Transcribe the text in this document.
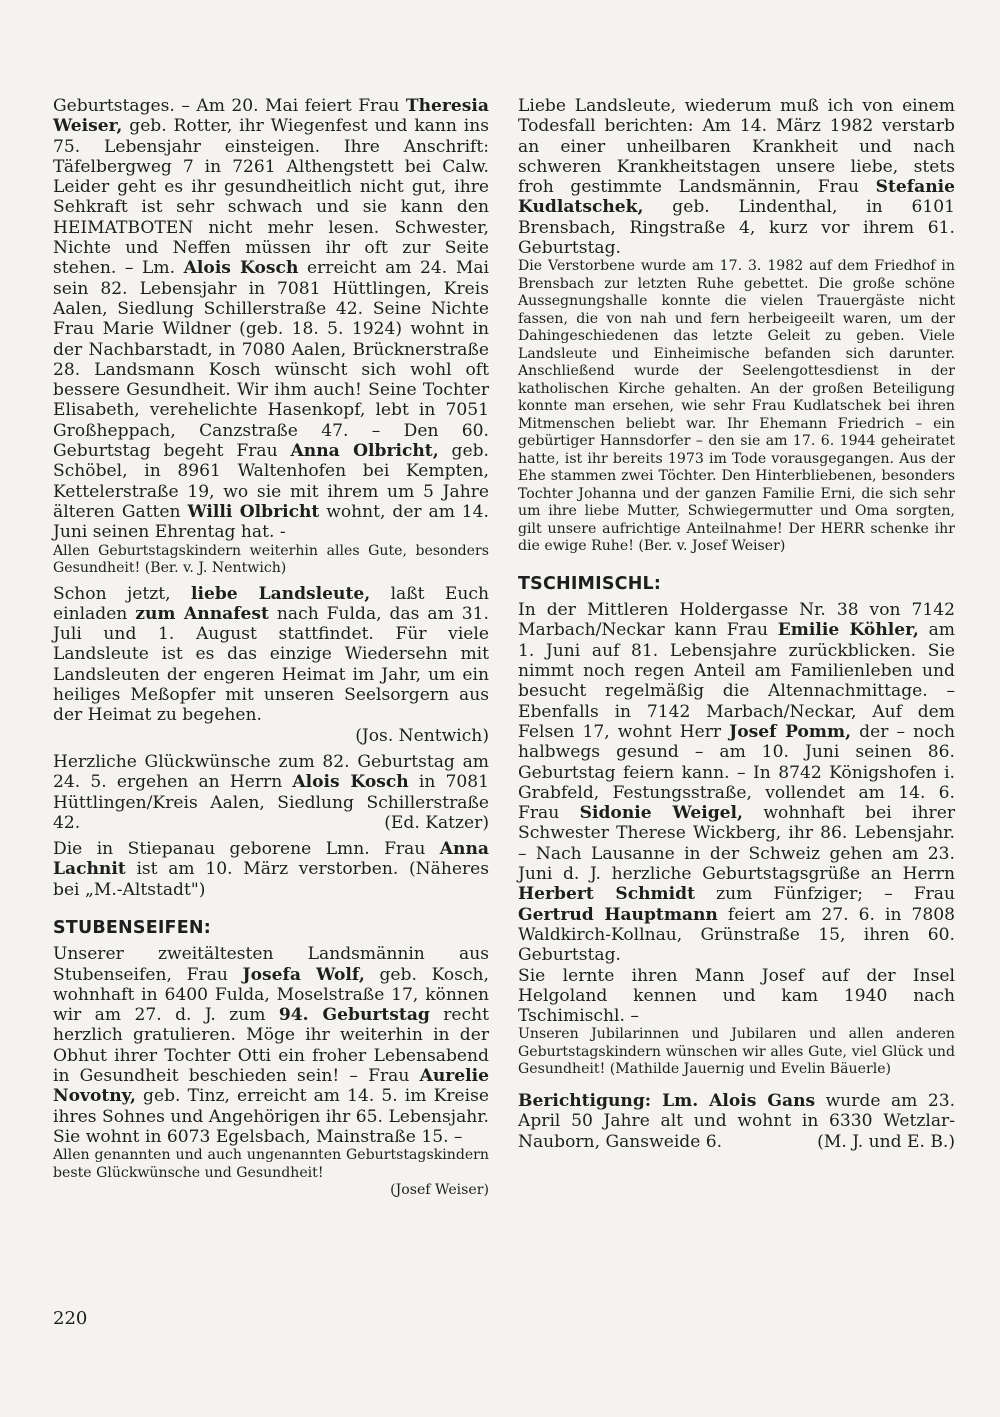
Geburtstages. – Am 20. Mai feiert Frau Theresia Weiser, geb. Rotter, ihr Wiegenfest und kann ins 75. Lebensjahr einsteigen. Ihre Anschrift: Täfelbergweg 7 in 7261 Althengstett bei Calw. Leider geht es ihr gesundheitlich nicht gut, ihre Sehkraft ist sehr schwach und sie kann den HEIMATBOTEN nicht mehr lesen. Schwester, Nichte und Neffen müssen ihr oft zur Seite stehen. – Lm. Alois Kosch erreicht am 24. Mai sein 82. Lebensjahr in 7081 Hüttlingen, Kreis Aalen, Siedlung Schillerstraße 42. Seine Nichte Frau Marie Wildner (geb. 18. 5. 1924) wohnt in der Nachbarstadt, in 7080 Aalen, Brücknerstraße 28. Landsmann Kosch wünscht sich wohl oft bessere Gesundheit. Wir ihm auch! Seine Tochter Elisabeth, verehelichte Hasenkopf, lebt in 7051 Großheppach, Canzstraße 47. – Den 60. Geburtstag begeht Frau Anna Olbricht, geb. Schöbel, in 8961 Waltenhofen bei Kempten, Kettelerstraße 19, wo sie mit ihrem um 5 Jahre älteren Gatten Willi Olbricht wohnt, der am 14. Juni seinen Ehrentag hat. -

Allen Geburtstagskindern weiterhin alles Gute, besonders Gesundheit! (Ber. v. J. Nentwich)

Schon jetzt, liebe Landsleute, laßt Euch einladen zum Annafest nach Fulda, das am 31. Juli und 1. August stattfindet. Für viele Landsleute ist es das einzige Wiedersehn mit Landsleuten der engeren Heimat im Jahr, um ein heiliges Meßopfer mit unseren Seelsorgern aus der Heimat zu begehen.
(Jos. Nentwich)

Herzliche Glückwünsche zum 82. Geburtstag am 24. 5. ergehen an Herrn Alois Kosch in 7081 Hüttlingen/Kreis Aalen, Siedlung Schillerstraße 42.	(Ed. Katzer)

Die in Stiepanau geborene Lmn. Frau Anna Lachnit ist am 10. März verstorben. (Näheres bei „M.-Altstadt")

STUBENSEIFEN:

Unserer zweitältesten Landsmännin aus Stubenseifen, Frau Josefa Wolf, geb. Kosch, wohnhaft in 6400 Fulda, Moselstraße 17, können wir am 27. d. J. zum 94. Geburtstag recht herzlich gratulieren. Möge ihr weiterhin in der Obhut ihrer Tochter Otti ein froher Lebensabend in Gesundheit beschieden sein! – Frau Aurelie Novotny, geb. Tinz, erreicht am 14. 5. im Kreise ihres Sohnes und Angehörigen ihr 65. Lebensjahr. Sie wohnt in 6073 Egelsbach, Mainstraße 15. –

Allen genannten und auch ungenannten Geburtstagskindern beste Glückwünsche und Gesundheit!
(Josef Weiser)

Liebe Landsleute, wiederum muß ich von einem Todesfall berichten: Am 14. März 1982 verstarb an einer unheilbaren Krankheit und nach schweren Krankheitstagen unsere liebe, stets froh gestimmte Landsmännin, Frau Stefanie Kudlatschek, geb. Lindenthal, in 6101 Brensbach, Ringstraße 4, kurz vor ihrem 61. Geburtstag.

Die Verstorbene wurde am 17. 3. 1982 auf dem Friedhof in Brensbach zur letzten Ruhe gebettet. Die große schöne Aussegnungshalle konnte die vielen Trauergäste nicht fassen, die von nah und fern herbeigeeilt waren, um der Dahingeschiedenen das letzte Geleit zu geben. Viele Landsleute und Einheimische befanden sich darunter. Anschließend wurde der Seelengottesdienst in der katholischen Kirche gehalten. An der großen Beteiligung konnte man ersehen, wie sehr Frau Kudlatschek bei ihren Mitmenschen beliebt war. Ihr Ehemann Friedrich – ein gebürtiger Hannsdorfer – den sie am 17. 6. 1944 geheiratet hatte, ist ihr bereits 1973 im Tode vorausgegangen. Aus der Ehe stammen zwei Töchter. Den Hinterbliebenen, besonders Tochter Johanna und der ganzen Familie Erni, die sich sehr um ihre liebe Mutter, Schwiegermutter und Oma sorgten, gilt unsere aufrichtige Anteilnahme! Der HERR schenke ihr die ewige Ruhe! (Ber. v. Josef Weiser)

TSCHIMISCHL:

In der Mittleren Holdergasse Nr. 38 von 7142 Marbach/Neckar kann Frau Emilie Köhler, am 1. Juni auf 81. Lebensjahre zurückblicken. Sie nimmt noch regen Anteil am Familienleben und besucht regelmäßig die Altennachmittage. – Ebenfalls in 7142 Marbach/Neckar, Auf dem Felsen 17, wohnt Herr Josef Pomm, der – noch halbwegs gesund – am 10. Juni seinen 86. Geburtstag feiern kann. – In 8742 Königshofen i. Grabfeld, Festungsstraße, vollendet am 14. 6. Frau Sidonie Weigel, wohnhaft bei ihrer Schwester Therese Wickberg, ihr 86. Lebensjahr. – Nach Lausanne in der Schweiz gehen am 23. Juni d. J. herzliche Geburtstagsgrüße an Herrn Herbert Schmidt zum Fünfziger; – Frau Gertrud Hauptmann feiert am 27. 6. in 7808 Waldkirch-Kollnau, Grünstraße 15, ihren 60. Geburtstag.

Sie lernte ihren Mann Josef auf der Insel Helgoland kennen und kam 1940 nach Tschimischl. –

Unseren Jubilarinnen und Jubilaren und allen anderen Geburtstagskindern wünschen wir alles Gute, viel Glück und Gesundheit! (Mathilde Jauernig und Evelin Bäuerle)

Berichtigung: Lm. Alois Gans wurde am 23. April 50 Jahre alt und wohnt in 6330 Wetzlar-Nauborn, Gansweide 6.	(M. J. und E. B.)

220
